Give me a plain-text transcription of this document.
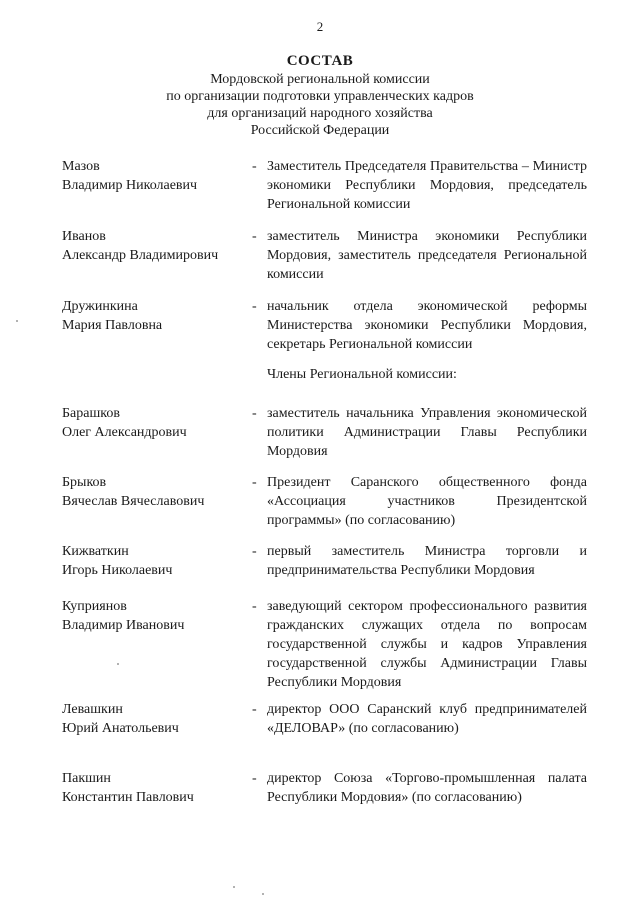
2
СОСТАВ
Мордовской региональной комиссии
по организации подготовки управленческих кадров
для организаций народного хозяйства
Российской Федерации
Мазов
Владимир Николаевич
- Заместитель Председателя Правительства – Министр экономики Республики Мордовия, председатель Региональной комиссии
Иванов
Александр Владимирович
- заместитель Министра экономики Республики Мордовия, заместитель председателя Региональной комиссии
Дружинкина
Мария Павловна
- начальник отдела экономической реформы Министерства экономики Республики Мордовия, секретарь Региональной комиссии
Члены Региональной комиссии:
Барашков
Олег Александрович
- заместитель начальника Управления экономической политики Администрации Главы Республики Мордовия
Брыков
Вячеслав Вячеславович
- Президент Саранского общественного фонда «Ассоциация участников Президентской программы» (по согласованию)
Кижваткин
Игорь Николаевич
- первый заместитель Министра торговли и предпринимательства Республики Мордовия
Куприянов
Владимир Иванович
- заведующий сектором профессионального развития гражданских служащих отдела по вопросам государственной службы и кадров Управления государственной службы Администрации Главы Республики Мордовия
Левашкин
Юрий Анатольевич
- директор ООО Саранский клуб предпринимателей «ДЕЛОВАР» (по согласованию)
Пакшин
Константин Павлович
- директор Союза «Торгово-промышленная палата Республики Мордовия» (по согласованию)
